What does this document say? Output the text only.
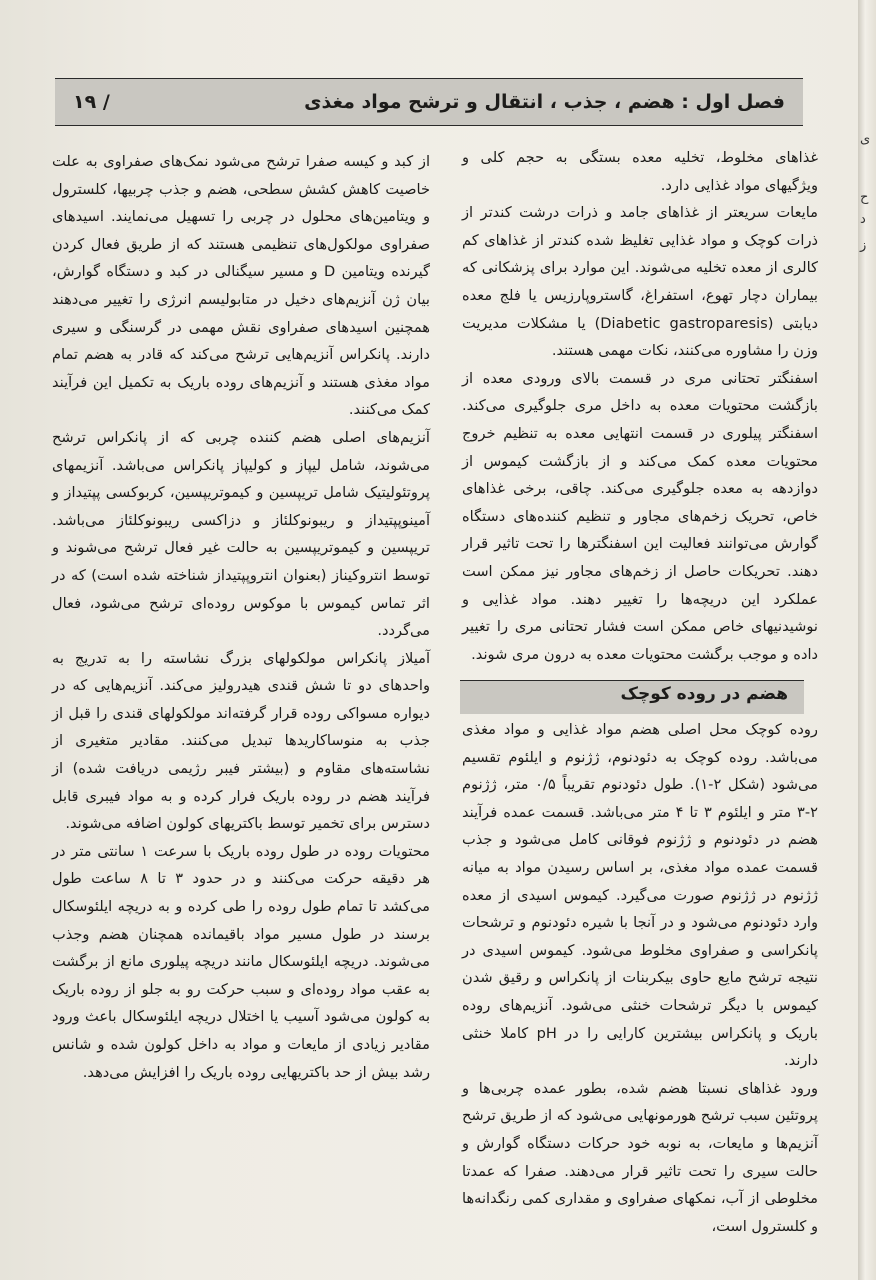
ی
ح
د
ز
فصل اول : هضم ، جذب ، انتقال و ترشح مواد مغذی
/ ۱۹

غذاهای مخلوط، تخلیه معده بستگی به حجم کلی و ویژگیهای مواد غذایی دارد.

مایعات سریعتر از غذاهای جامد و ذرات درشت کندتر از ذرات کوچک و مواد غذایی تغلیظ شده کندتر از غذاهای کم کالری از معده تخلیه می‌شوند. این موارد برای پزشکانی که بیماران دچار تهوع، استفراغ، گاستروپارزیس یا فلج معده دیابتی (Diabetic gastroparesis) یا مشکلات مدیریت وزن را مشاوره می‌کنند، نکات مهمی هستند.

اسفنگتر تحتانی مری در قسمت بالای ورودی معده از بازگشت محتویات معده به داخل مری جلوگیری می‌کند. اسفنگتر پیلوری در قسمت انتهایی معده به تنظیم خروج محتویات معده کمک می‌کند و از بازگشت کیموس از دوازدهه به معده جلوگیری می‌کند. چاقی، برخی غذاهای خاص، تحریک زخم‌های مجاور و تنظیم کننده‌های دستگاه گوارش می‌توانند فعالیت این اسفنگترها را تحت تاثیر قرار دهند. تحریکات حاصل از زخم‌های مجاور نیز ممکن است عملکرد این دریچه‌ها را تغییر دهند. مواد غذایی و نوشیدنیهای خاص ممکن است فشار تحتانی مری را تغییر داده و موجب برگشت محتویات معده به درون مری شوند.

هضم در روده کوچک

روده کوچک محل اصلی هضم مواد غذایی و مواد مغذی می‌باشد. روده کوچک به دئودنوم، ژژنوم و ایلئوم تقسیم می‌شود (شکل ۲-۱). طول دئودنوم تقریباً ۰/۵ متر، ژژنوم ۲-۳ متر و ایلئوم ۳ تا ۴ متر می‌باشد. قسمت عمده فرآیند هضم در دئودنوم و ژژنوم فوقانی کامل می‌شود و جذب قسمت عمده مواد مغذی، بر اساس رسیدن مواد به میانه ژژنوم در ژژنوم صورت می‌گیرد. کیموس اسیدی از معده وارد دئودنوم می‌شود و در آنجا با شیره دئودنوم و ترشحات پانکراسی و صفراوی مخلوط می‌شود. کیموس اسیدی در نتیجه ترشح مایع حاوی بیکربنات از پانکراس و رقیق شدن کیموس با دیگر ترشحات خنثی می‌شود. آنزیم‌های روده باریک و پانکراس بیشترین کارایی را در pH کاملا خنثی دارند.

ورود غذاهای نسبتا هضم شده، بطور عمده چربی‌ها و پروتئین سبب ترشح هورمونهایی می‌شود که از طریق ترشح آنزیم‌ها و مایعات، به نوبه خود حرکات دستگاه گوارش و حالت سیری را تحت تاثیر قرار می‌دهند. صفرا که عمدتا مخلوطی از آب، نمکهای صفراوی و مقداری کمی رنگدانه‌ها و کلسترول است،

از کبد و کیسه صفرا ترشح می‌شود نمک‌های صفراوی به علت خاصیت کاهش کشش سطحی، هضم و جذب چربیها، کلسترول و ویتامین‌های محلول در چربی را تسهیل می‌نمایند. اسیدهای صفراوی مولکول‌های تنظیمی هستند که از طریق فعال کردن گیرنده ویتامین D و مسیر سیگنالی در کبد و دستگاه گوارش، بیان ژن آنزیم‌های دخیل در متابولیسم انرژی را تغییر می‌دهند همچنین اسیدهای صفراوی نقش مهمی در گرسنگی و سیری دارند. پانکراس آنزیم‌هایی ترشح می‌کند که قادر به هضم تمام مواد مغذی هستند و آنزیم‌های روده باریک به تکمیل این فرآیند کمک می‌کنند.

آنزیم‌های اصلی هضم کننده چربی که از پانکراس ترشح می‌شوند، شامل لیپاز و کولیپاز پانکراس می‌باشد. آنزیمهای پروتئولیتیک شامل تریپسین و کیموتریپسین، کربوکسی پپتیداز و آمینوپپتیداز و ریبونوکلئاز و دزاکسی ریبونوکلئاز می‌باشد. تریپسین و کیموتریپسین به حالت غیر فعال ترشح می‌شوند و توسط انتروکیناز (بعنوان انتروپپتیداز شناخته شده است) که در اثر تماس کیموس با موکوس روده‌ای ترشح می‌شود، فعال می‌گردد.

آمیلاز پانکراس مولکولهای بزرگ نشاسته را به تدریج به واحدهای دو تا شش قندی هیدرولیز می‌کند. آنزیم‌هایی که در دیواره مسواکی روده قرار گرفته‌اند مولکولهای قندی را قبل از جذب به منوساکاریدها تبدیل می‌کنند. مقادیر متغیری از نشاسته‌های مقاوم و (بیشتر فیبر رژیمی دریافت شده) از فرآیند هضم در روده باریک فرار کرده و به مواد فیبری قابل دسترس برای تخمیر توسط باکتریهای کولون اضافه می‌شوند.

محتویات روده در طول روده باریک با سرعت ۱ سانتی متر در هر دقیقه حرکت می‌کنند و در حدود ۳ تا ۸ ساعت طول می‌کشد تا تمام طول روده را طی کرده و به دریچه ایلئوسکال برسند در طول مسیر مواد باقیمانده همچنان هضم وجذب می‌شوند. دریچه ایلئوسکال مانند دریچه پیلوری مانع از برگشت به عقب مواد روده‌ای و سبب حرکت رو به جلو از روده باریک به کولون می‌شود آسیب یا اختلال دریچه ایلئوسکال باعث ورود مقادیر زیادی از مایعات و مواد به داخل کولون شده و شانس رشد بیش از حد باکتریهایی روده باریک را افزایش می‌دهد.
